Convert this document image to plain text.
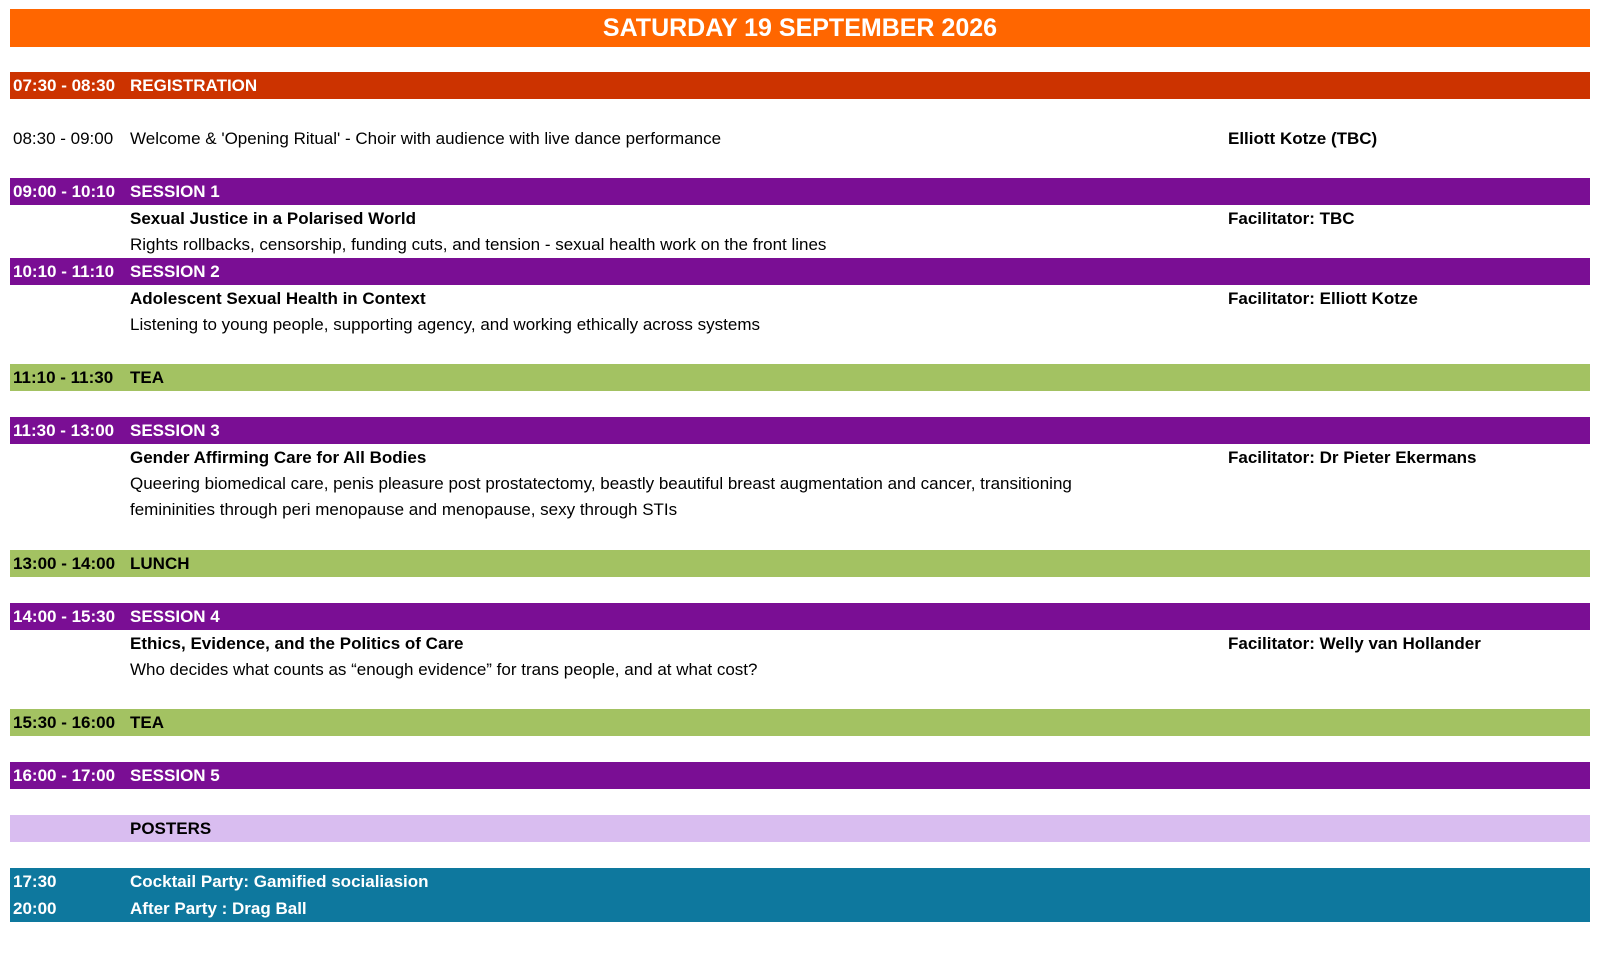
SATURDAY 19 SEPTEMBER 2026
07:30 - 08:30 REGISTRATION
08:30 - 09:00 Welcome & 'Opening Ritual' - Choir with audience with live dance performance	Elliott Kotze (TBC)
09:00 - 10:10 SESSION 1
Sexual Justice in a Polarised World	Facilitator: TBC
Rights rollbacks, censorship, funding cuts, and tension - sexual health work on the front lines
10:10 - 11:10 SESSION 2
Adolescent Sexual Health in Context	Facilitator: Elliott Kotze
Listening to young people, supporting agency, and working ethically across systems
11:10 - 11:30 TEA
11:30 - 13:00 SESSION 3
Gender Affirming Care for All Bodies	Facilitator: Dr Pieter Ekermans
Queering biomedical care, penis pleasure post prostatectomy, beastly beautiful breast augmentation and cancer, transitioning
femininities through peri menopause and menopause, sexy through STIs
13:00 - 14:00 LUNCH
14:00 - 15:30 SESSION 4
Ethics, Evidence, and the Politics of Care	Facilitator: Welly van Hollander
Who decides what counts as “enough evidence” for trans people, and at what cost?
15:30 - 16:00 TEA
16:00 - 17:00 SESSION 5
POSTERS
17:30	Cocktail Party: Gamified socialiasion
20:00	After Party : Drag Ball
